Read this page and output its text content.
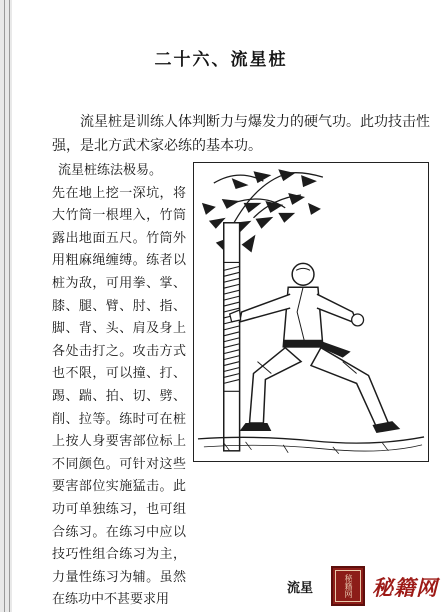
二十六、流星桩

流星桩是训练人体判断力与爆发力的硬气功。此功技击性强，是北方武术家必练的基本功。

流星桩练法极易。
先在地上挖一深坑，将大竹筒一根埋入，竹筒露出地面五尺。竹筒外用粗麻绳缠缚。练者以桩为敌，可用拳、掌、膝、腿、臂、肘、指、脚、背、头、肩及身上各处击打之。攻击方式也不限，可以撞、打、踢、踹、拍、切、劈、削、拉等。练时可在桩上按人身要害部位标上不同颜色。可针对这些要害部位实施猛击。此功可单独练习，也可组合练习。在练习中应以技巧性组合练习为主，力量性练习为辅。虽然在练功中不甚要求用

流星	秘籍网 秘籍网
